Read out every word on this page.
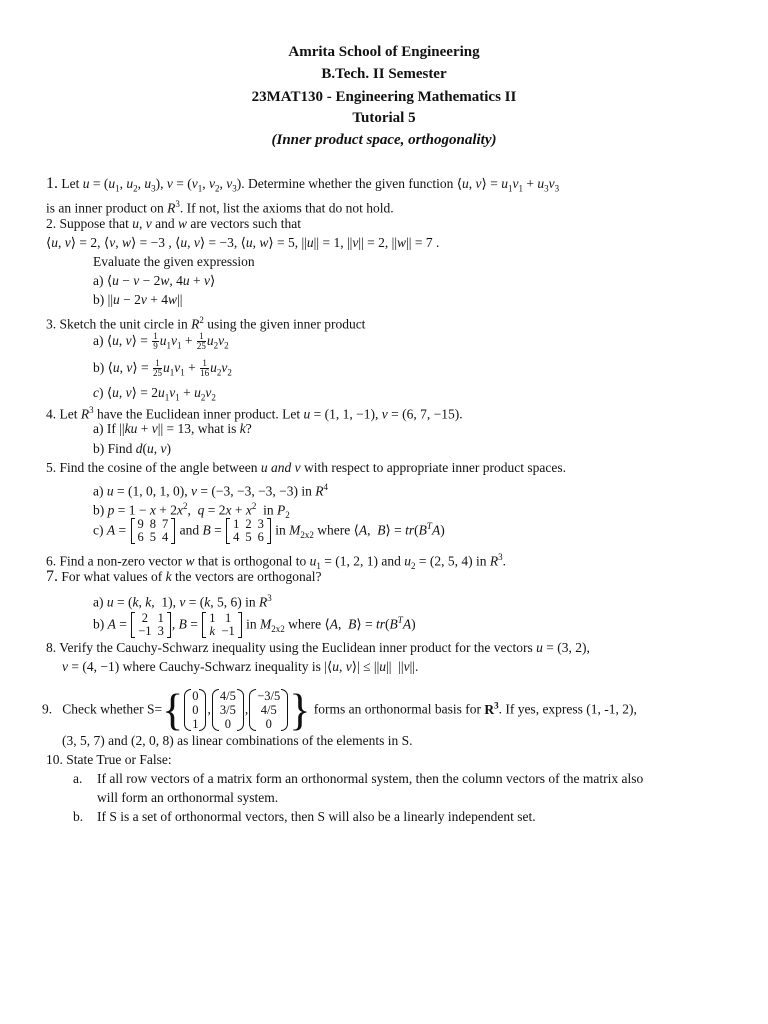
Amrita School of Engineering
B.Tech. II Semester
23MAT130 - Engineering Mathematics II
Tutorial 5
(Inner product space, orthogonality)
1. Let $u = (u_1$, $u_2$, $u_3$), $v = (v_1$, $v_2$, $v_3$). Determine whether the given function ⟨u, v⟩ = $u_1v_1 + u_3v_3$
is an inner product on $R^3$. If not, list the axioms that do not hold.
2. Suppose that u, v and w are vectors such that
⟨u, v⟩ = 2, ⟨v, w⟩ = −3 , ⟨u, v⟩ = −3, ⟨u, w⟩ = 5, ||u|| = 1, ||v|| = 2, ||w|| = 7 .
Evaluate the given expression
a) ⟨u − v − 2w, 4u + v⟩
b) ||u − 2v + 4w||
3. Sketch the unit circle in $R^2$ using the given inner product
a) ⟨u, v⟩ = $\frac{1}{9} u_1v_1 + \frac{1}{25} u_2v_2$
b) ⟨u, v⟩ = $\frac{1}{25} u_1v_1 + \frac{1}{16} u_2v_2$
c) ⟨u, v⟩ = $2u_1v_1 + u_2v_2$
4. Let $R^3$ have the Euclidean inner product. Let u = (1, 1, −1), v = (6, 7, −15).
a) If ||ku + v|| = 13, what is k?
b) Find d(u, v)
5. Find the cosine of the angle between u and v with respect to appropriate inner product spaces.
a) u = (1, 0, 1, 0), v = (−3, −3, −3, −3) in $R^4$
b) $p = 1 - x + 2x^2$,  $q = 2x + x^2$  in $P_2$
c) A = 9	8	7
6	5	4 and B = 1	2	3
4	5	6 in $M_{2x2}$ where ⟨A,  B⟩ = $tr(B^TA)$
6. Find a non-zero vector w that is orthogonal to $u_1 = (1$, 2, 1) and $u_2 = (2$, 5, 4) in $R^3$.
7. For what values of k the vectors are orthogonal?
a) u = (k, k,  1), v = (k, 5, 6) in $R^3$
b) A = 2	1
−1	3 , B = 1	1
k	−1 in $M_{2x2}$ where ⟨A,  B⟩ = $tr(B^TA)$
8. Verify the Cauchy-Schwarz inequality using the Euclidean inner product for the vectors u = (3, 2),
v = (4, −1) where Cauchy-Schwarz inequality is |⟨u, v⟩| ≤ ||u||  ||v||.
9. Check whether S={ 0
0
1
,
4/5
3/5
0
,
−3/5
4/5
0 } forms an orthonormal basis for $R^3$. If yes, express (1, -1, 2),
(3, 5, 7) and (2, 0, 8) as linear combinations of the elements in S.
10. State True or False:
a. If all row vectors of a matrix form an orthonormal system, then the column vectors of the matrix also
will form an orthonormal system.
b. If S is a set of orthonormal vectors, then S will also be a linearly independent set.
